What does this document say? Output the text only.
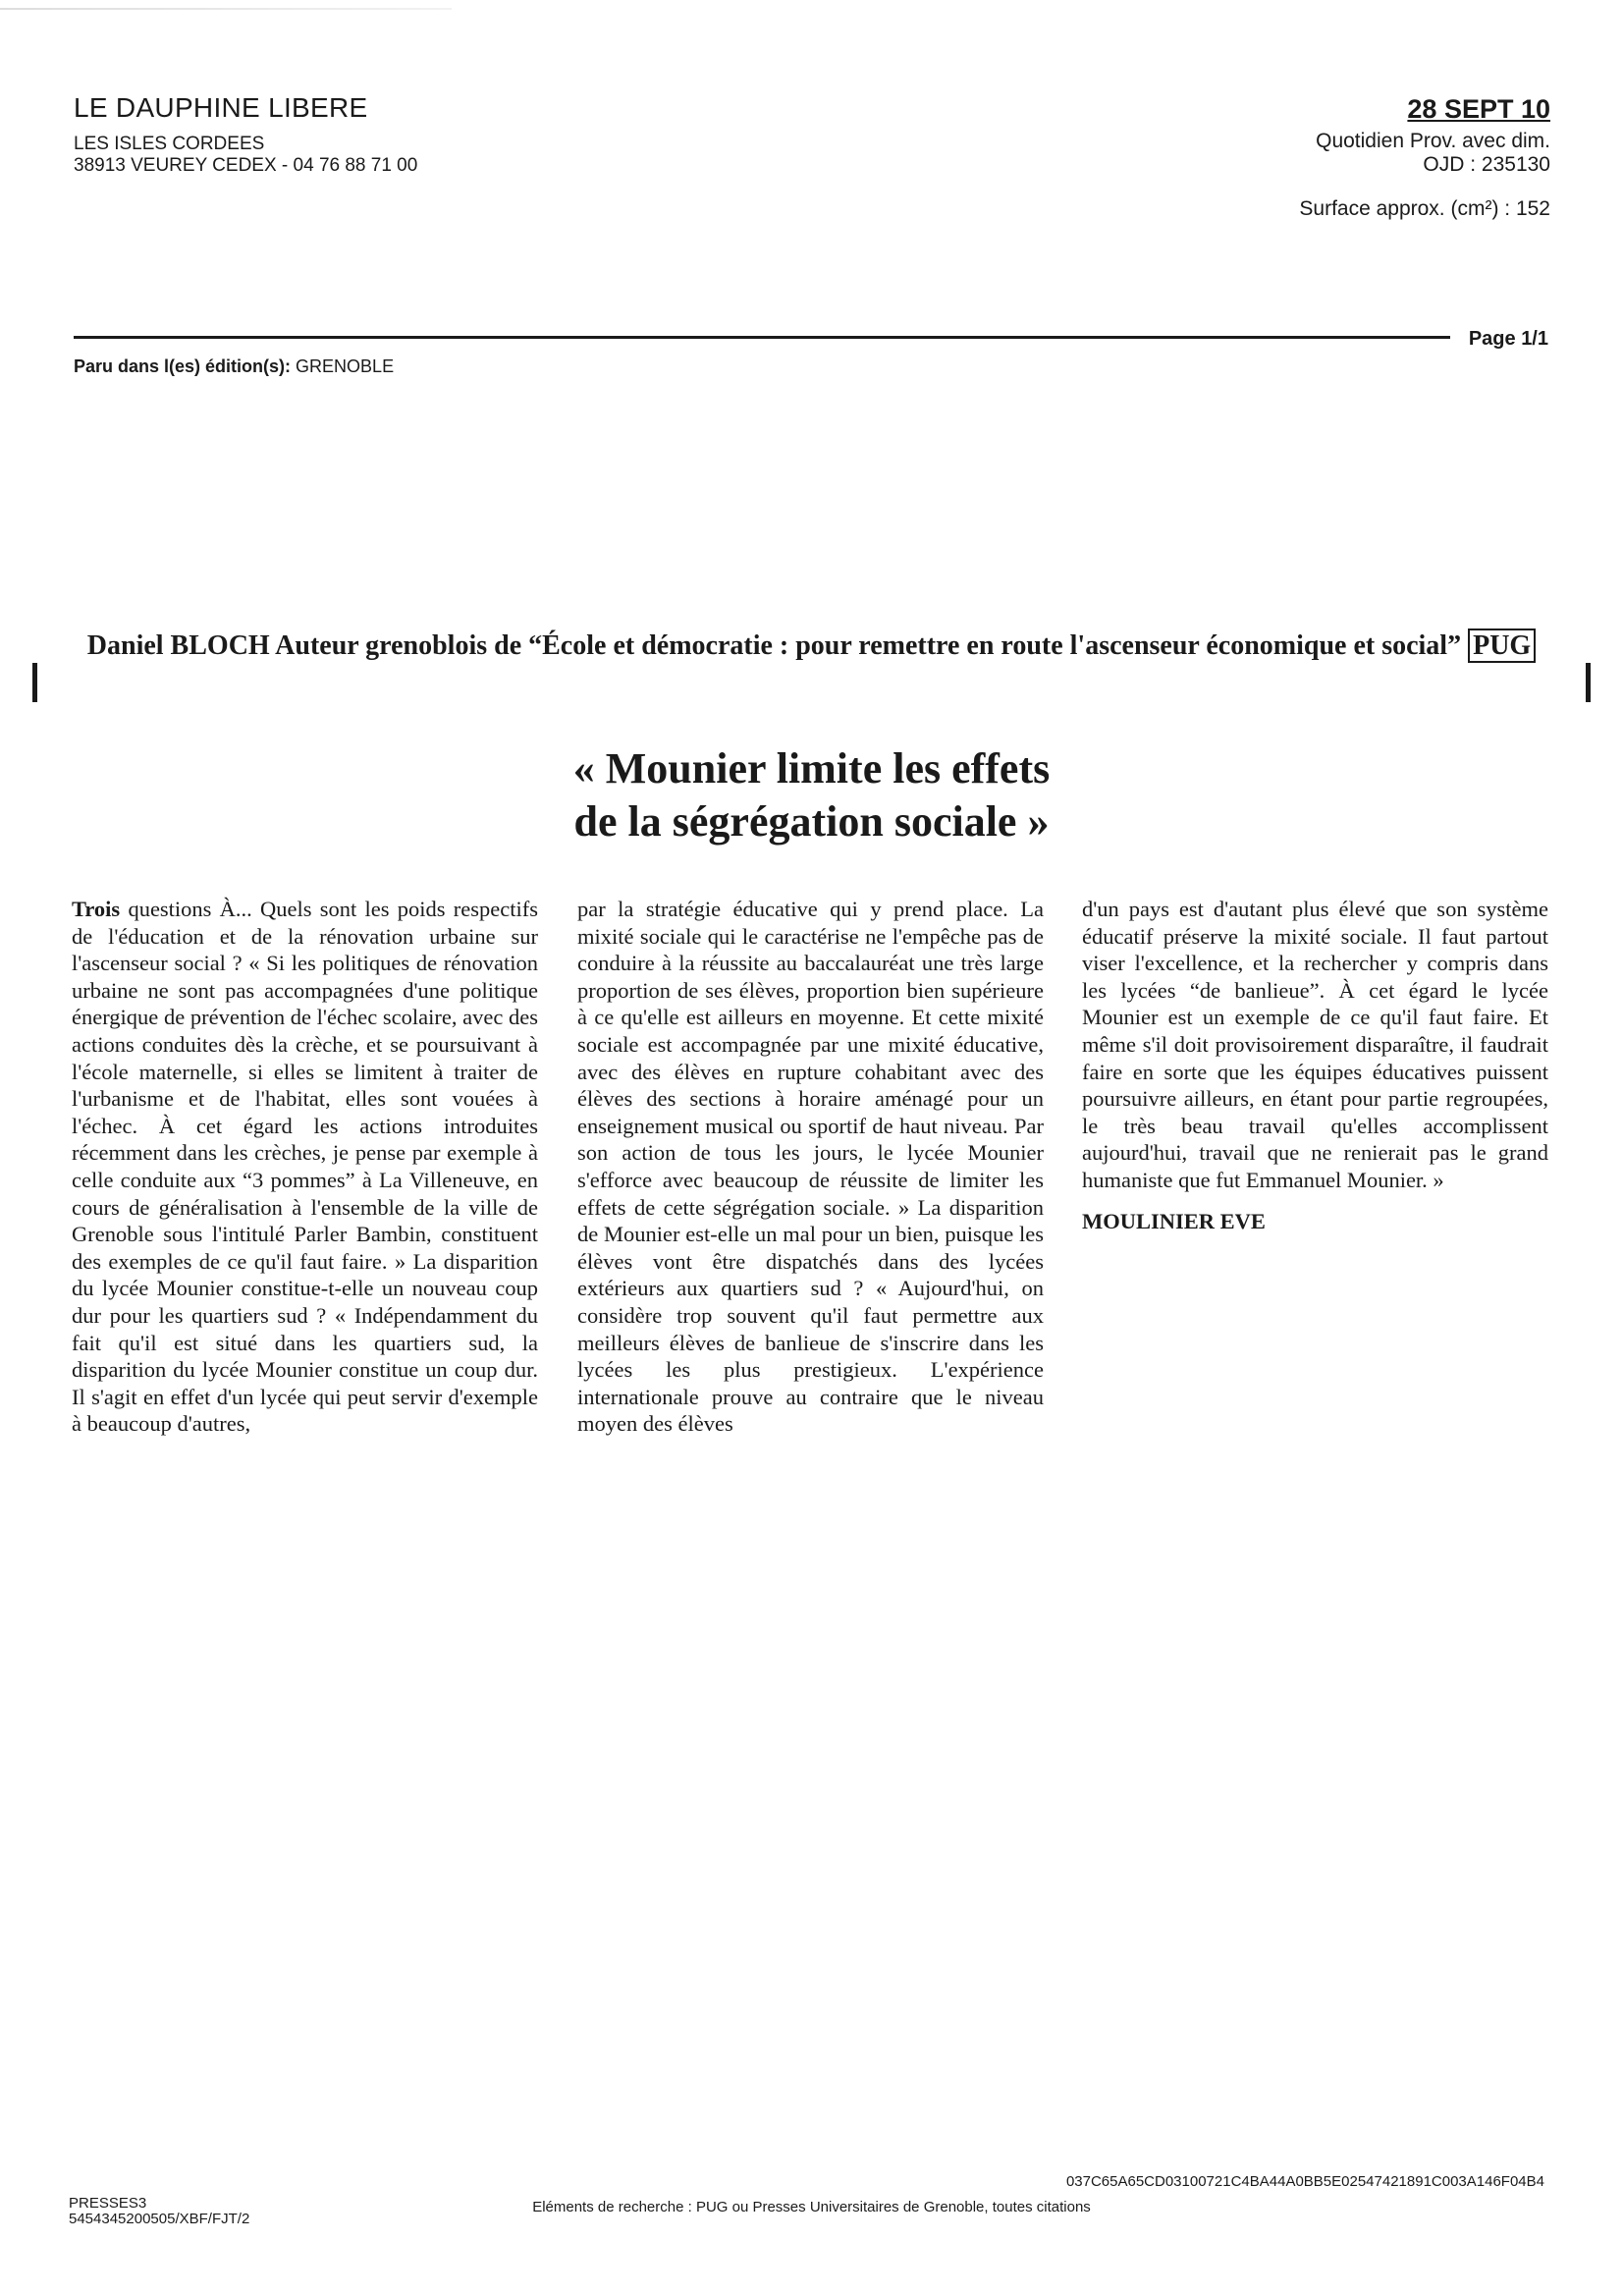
LE DAUPHINE LIBERE
LES ISLES CORDEES
38913 VEUREY CEDEX - 04 76 88 71 00
28 SEPT 10
Quotidien Prov. avec dim.
OJD : 235130
Surface approx. (cm²) : 152
Page 1/1
Paru dans l(es) édition(s): GRENOBLE
Daniel BLOCH Auteur grenoblois de “École et démocratie : pour remettre en route l'ascenseur économique et social” PUG
« Mounier limite les effets
de la ségrégation sociale »

Trois questions À... Quels sont les poids respectifs de l'éducation et de la rénovation urbaine sur l'ascenseur social ? « Si les politiques de rénovation urbaine ne sont pas accompagnées d'une politique énergique de prévention de l'échec scolaire, avec des actions conduites dès la crèche, et se poursuivant à l'école maternelle, si elles se limitent à traiter de l'urbanisme et de l'habitat, elles sont vouées à l'échec. À cet égard les actions introduites récemment dans les crèches, je pense par exemple à celle conduite aux “3 pommes” à La Villeneuve, en cours de généralisation à l'ensemble de la ville de Grenoble sous l'intitulé Parler Bambin, constituent des exemples de ce qu'il faut faire. » La disparition du lycée Mounier constitue-t-elle un nouveau coup dur pour les quartiers sud ? « Indépendamment du fait qu'il est situé dans les quartiers sud, la disparition du lycée Mounier constitue un coup dur. Il s'agit en effet d'un lycée qui peut servir d'exemple à beaucoup d'autres,

par la stratégie éducative qui y prend place. La mixité sociale qui le caractérise ne l'empêche pas de conduire à la réussite au baccalauréat une très large proportion de ses élèves, proportion bien supérieure à ce qu'elle est ailleurs en moyenne. Et cette mixité sociale est accompagnée par une mixité éducative, avec des élèves en rupture cohabitant avec des élèves des sections à horaire aménagé pour un enseignement musical ou sportif de haut niveau. Par son action de tous les jours, le lycée Mounier s'efforce avec beaucoup de réussite de limiter les effets de cette ségrégation sociale. » La disparition de Mounier est-elle un mal pour un bien, puisque les élèves vont être dispatchés dans des lycées extérieurs aux quartiers sud ? « Aujourd'hui, on considère trop souvent qu'il faut permettre aux meilleurs élèves de banlieue de s'inscrire dans les lycées les plus prestigieux. L'expérience internationale prouve au contraire que le niveau moyen des élèves

d'un pays est d'autant plus élevé que son système éducatif préserve la mixité sociale. Il faut partout viser l'excellence, et la rechercher y compris dans les lycées “de banlieue”. À cet égard le lycée Mounier est un exemple de ce qu'il faut faire. Et même s'il doit provisoirement disparaître, il faudrait faire en sorte que les équipes éducatives puissent poursuivre ailleurs, en étant pour partie regroupées, le très beau travail qu'elles accomplissent aujourd'hui, travail que ne renierait pas le grand humaniste que fut Emmanuel Mounier. »

MOULINIER EVE

037C65A65CD03100721C4BA44A0BB5E02547421891C003A146F04B4
PRESSES3
5454345200505/XBF/FJT/2
Eléments de recherche : PUG ou Presses Universitaires de Grenoble, toutes citations
